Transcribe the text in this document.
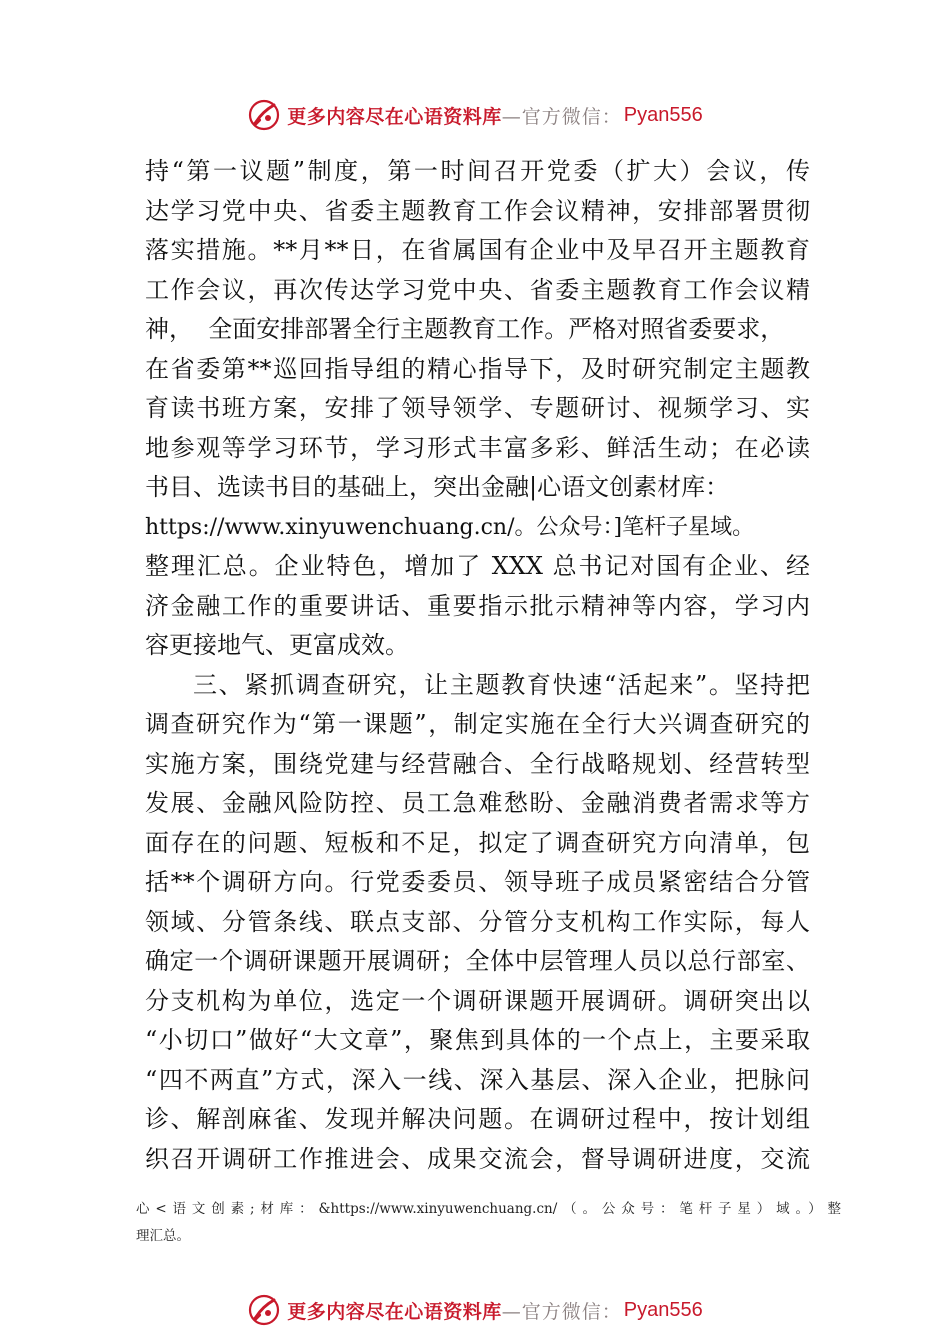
更多内容尽在心语资料库 —官方微信： Pyan556
持“第一议题”制度，第一时间召开党委（扩大）会议，传
达学习党中央、省委主题教育工作会议精神，安排部署贯彻
落实措施。**月**日，在省属国有企业中及早召开主题教育
工作会议，再次传达学习党中央、省委主题教育工作会议精
神，  全面安排部署全行主题教育工作。严格对照省委要求，
在省委第**巡回指导组的精心指导下，及时研究制定主题教
育读书班方案，安排了领导领学、专题研讨、视频学习、实
地参观等学习环节，学习形式丰富多彩、鲜活生动；在必读
书目、选读书目的基础上，突出金融|心语文创素材库：
https://www.xinyuwenchuang.cn/。公众号：]笔杆子星域。
整理汇总。企业特色，增加了 XXX 总书记对国有企业、经
济金融工作的重要讲话、重要指示批示精神等内容，学习内
容更接地气、更富成效。
三、紧抓调查研究，让主题教育快速“活起来”。坚持把
调查研究作为“第一课题”，制定实施在全行大兴调查研究的
实施方案，围绕党建与经营融合、全行战略规划、经营转型
发展、金融风险防控、员工急难愁盼、金融消费者需求等方
面存在的问题、短板和不足，拟定了调查研究方向清单，包
括**个调研方向。行党委委员、领导班子成员紧密结合分管
领域、分管条线、联点支部、分管分支机构工作实际，每人
确定一个调研课题开展调研；全体中层管理人员以总行部室、
分支机构为单位，选定一个调研课题开展调研。调研突出以
“小切口”做好“大文章”，聚焦到具体的一个点上，主要采取
“四不两直”方式，深入一线、深入基层、深入企业，把脉问
诊、解剖麻雀、发现并解决问题。在调研过程中，按计划组
织召开调研工作推进会、成果交流会，督导调研进度，交流
心<语文创素;材库：&https://www.xinyuwenchuang.cn/（。公众号：笔杆子星）域。）整
理汇总。
更多内容尽在心语资料库 —官方微信： Pyan556
